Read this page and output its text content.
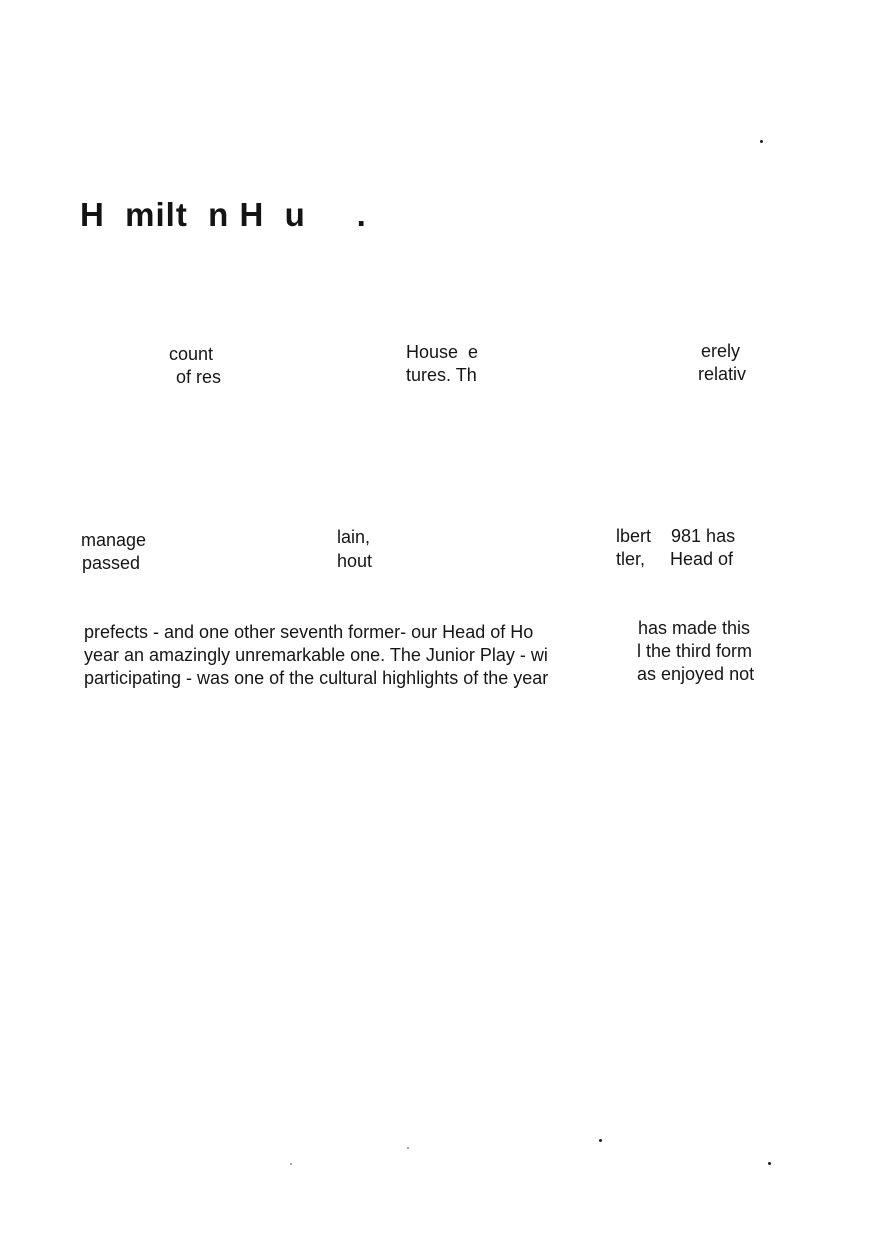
H  milt  n H  u     .
count
of res
House  e
tures. Th
erely
relativ
manage
passed
lain,
hout
lbert    981 has
tler,     Head of
prefects - and one other seventh former- our Head of Ho
year an amazingly unremarkable one. The Junior Play - wi
participating - was one of the cultural highlights of the year
has made this
l the third form
as enjoyed not
